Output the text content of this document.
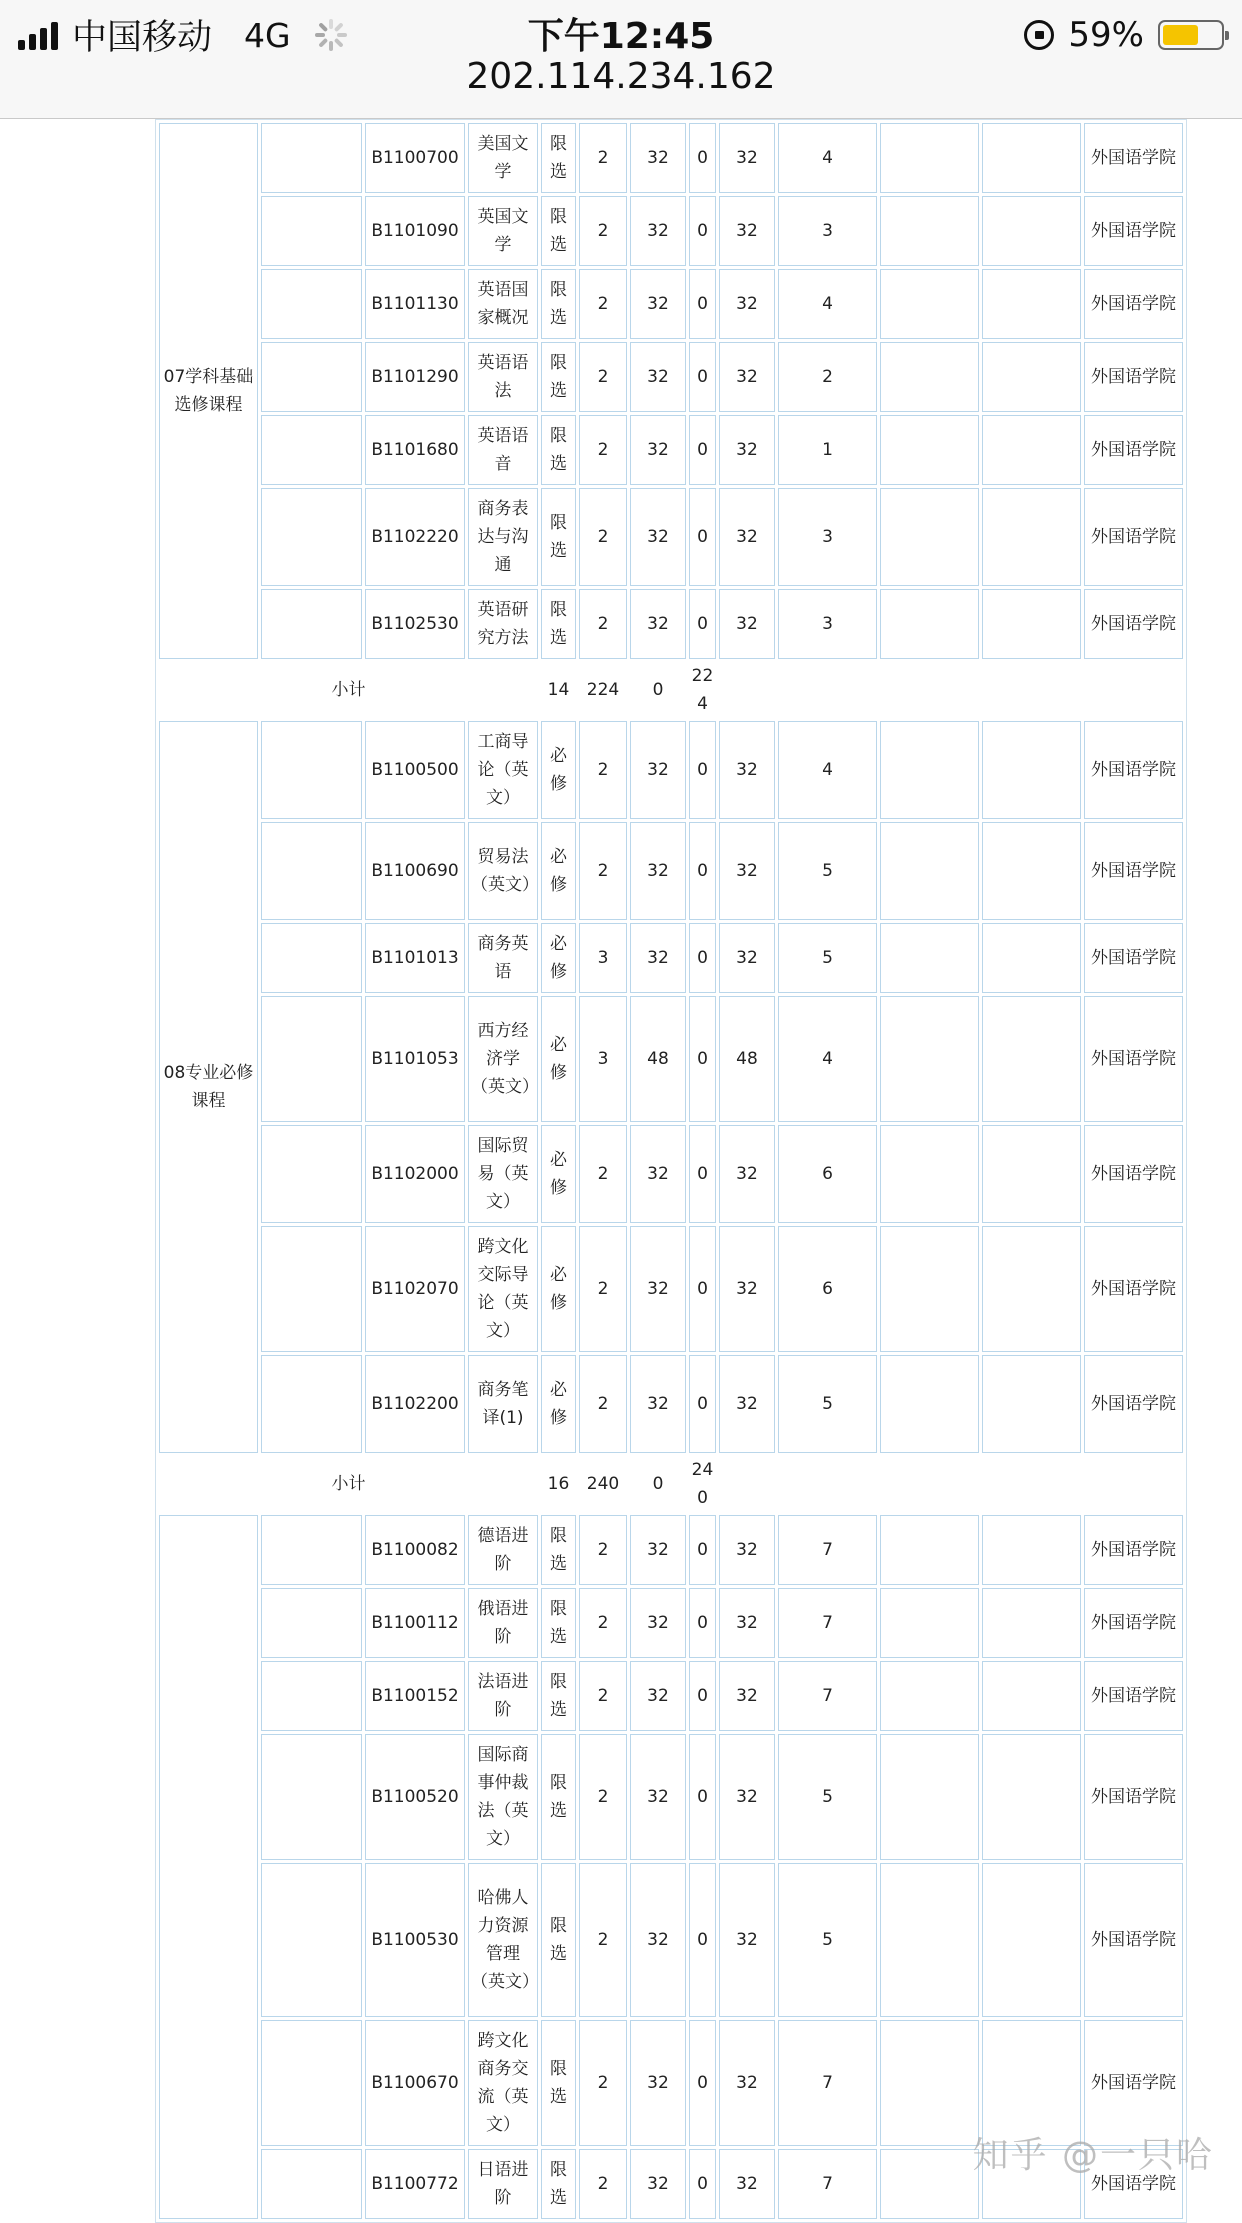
中国移动 4G	下午12:45
202.114.234.162
59%
07学科基础选修课程		B1100700	美国文学	限选	2	32	0	32	4			外国语学院
		B1101090	英国文学	限选	2	32	0	32	3			外国语学院
		B1101130	英语国家概况	限选	2	32	0	32	4			外国语学院
		B1101290	英语语法	限选	2	32	0	32	2			外国语学院
		B1101680	英语语音	限选	2	32	0	32	1			外国语学院
		B1102220	商务表达与沟通	限选	2	32	0	32	3			外国语学院
		B1102530	英语研究方法	限选	2	32	0	32	3			外国语学院
小计				14	224	0	224					
08专业必修课程		B1100500	工商导论（英文）	必修	2	32	0	32	4			外国语学院
		B1100690	贸易法（英文）	必修	2	32	0	32	5			外国语学院
		B1101013	商务英语	必修	3	32	0	32	5			外国语学院
		B1101053	西方经济学（英文）	必修	3	48	0	48	4			外国语学院
		B1102000	国际贸易（英文）	必修	2	32	0	32	6			外国语学院
		B1102070	跨文化交际导论（英文）	必修	2	32	0	32	6			外国语学院
		B1102200	商务笔译(1)	必修	2	32	0	32	5			外国语学院
小计				16	240	0	240					
		B1100082	德语进阶	限选	2	32	0	32	7			外国语学院
		B1100112	俄语进阶	限选	2	32	0	32	7			外国语学院
		B1100152	法语进阶	限选	2	32	0	32	7			外国语学院
		B1100520	国际商事仲裁法（英文）	限选	2	32	0	32	5			外国语学院
		B1100530	哈佛人力资源管理（英文）	限选	2	32	0	32	5			外国语学院
		B1100670	跨文化商务交流（英文）	限选	2	32	0	32	7			外国语学院
		B1100772	日语进阶	限选	2	32	0	32	7			外国语学院
知乎 @一只哈
